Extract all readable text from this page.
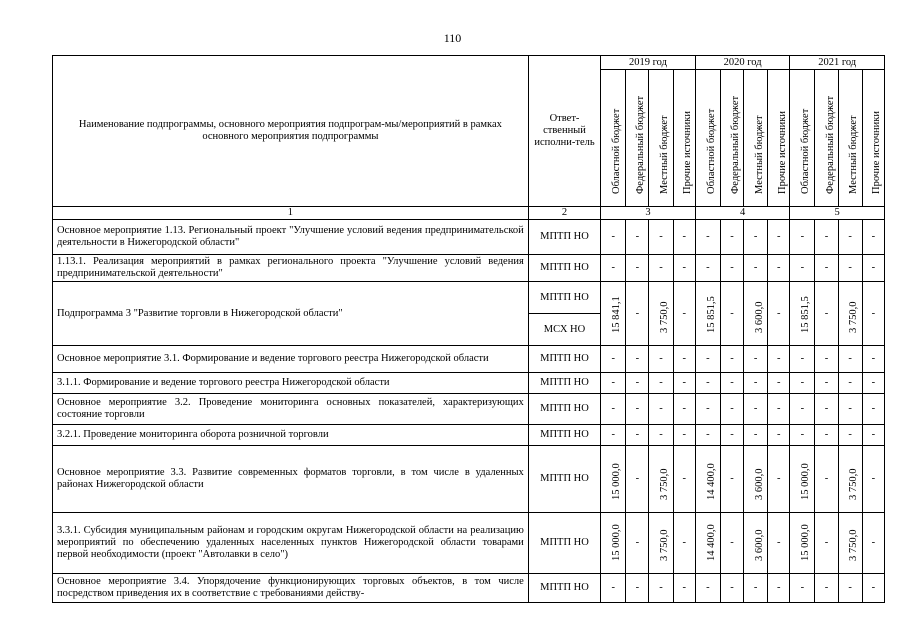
110
Наименование подпрограммы, основного мероприятия подпрограм-мы/мероприятий в рамках основного мероприятия подпрограммы	Ответ-ственный исполни-тель	2019 год				2020 год				2021 год			

		Областной бюджет	Федеральный бюджет	Местный бюджет	Прочие источники	Областной бюджет	Федеральный бюджет	Местный бюджет	Прочие источники	Областной бюджет	Федеральный бюджет	Местный бюджет	Прочие источники

1	2	3				4				5			
Основное мероприятие 1.13. Региональный проект "Улучшение условий ведения предпринимательской деятельности в Нижегородской области"	МПТП НО	-	-	-	-	-	-	-	-	-	-	-	-
1.13.1. Реализация мероприятий в рамках регионального проекта "Улучшение условий ведения предпринимательской деятельности"	МПТП НО	-	-	-	-	-	-	-	-	-	-	-	-
Подпрограмма 3 "Развитие торговли в Нижегородской области"	МПТП НО	15 841,1	-	3 750,0	-	15 851,5	-	3 600,0	-	15 851,5	-	3 750,0	-
	МСХ НО												
Основное мероприятие 3.1. Формирование и ведение торгового реестра Нижегородской области	МПТП НО	-	-	-	-	-	-	-	-	-	-	-	-
3.1.1. Формирование и ведение торгового реестра Нижегородской области	МПТП НО	-	-	-	-	-	-	-	-	-	-	-	-
Основное мероприятие 3.2. Проведение мониторинга основных показателей, характеризующих состояние торговли	МПТП НО	-	-	-	-	-	-	-	-	-	-	-	-
3.2.1. Проведение мониторинга оборота розничной торговли	МПТП НО	-	-	-	-	-	-	-	-	-	-	-	-
Основное мероприятие 3.3. Развитие современных форматов торговли, в том числе в удаленных районах Нижегородской области	МПТП НО	15 000,0	-	3 750,0	-	14 400,0	-	3 600,0	-	15 000,0	-	3 750,0	-
3.3.1. Субсидия муниципальным районам и городским округам Нижегородской области на реализацию мероприятий по обеспечению удаленных населенных пунктов Нижегородской области товарами первой необходимости (проект "Автолавки в село")	МПТП НО	15 000,0	-	3 750,0	-	14 400,0	-	3 600,0	-	15 000,0	-	3 750,0	-
Основное мероприятие 3.4. Упорядочение функционирующих торговых объектов, в том числе посредством приведения их в соответствие с требованиями действу-	МПТП НО	-	-	-	-	-	-	-	-	-	-	-	-
